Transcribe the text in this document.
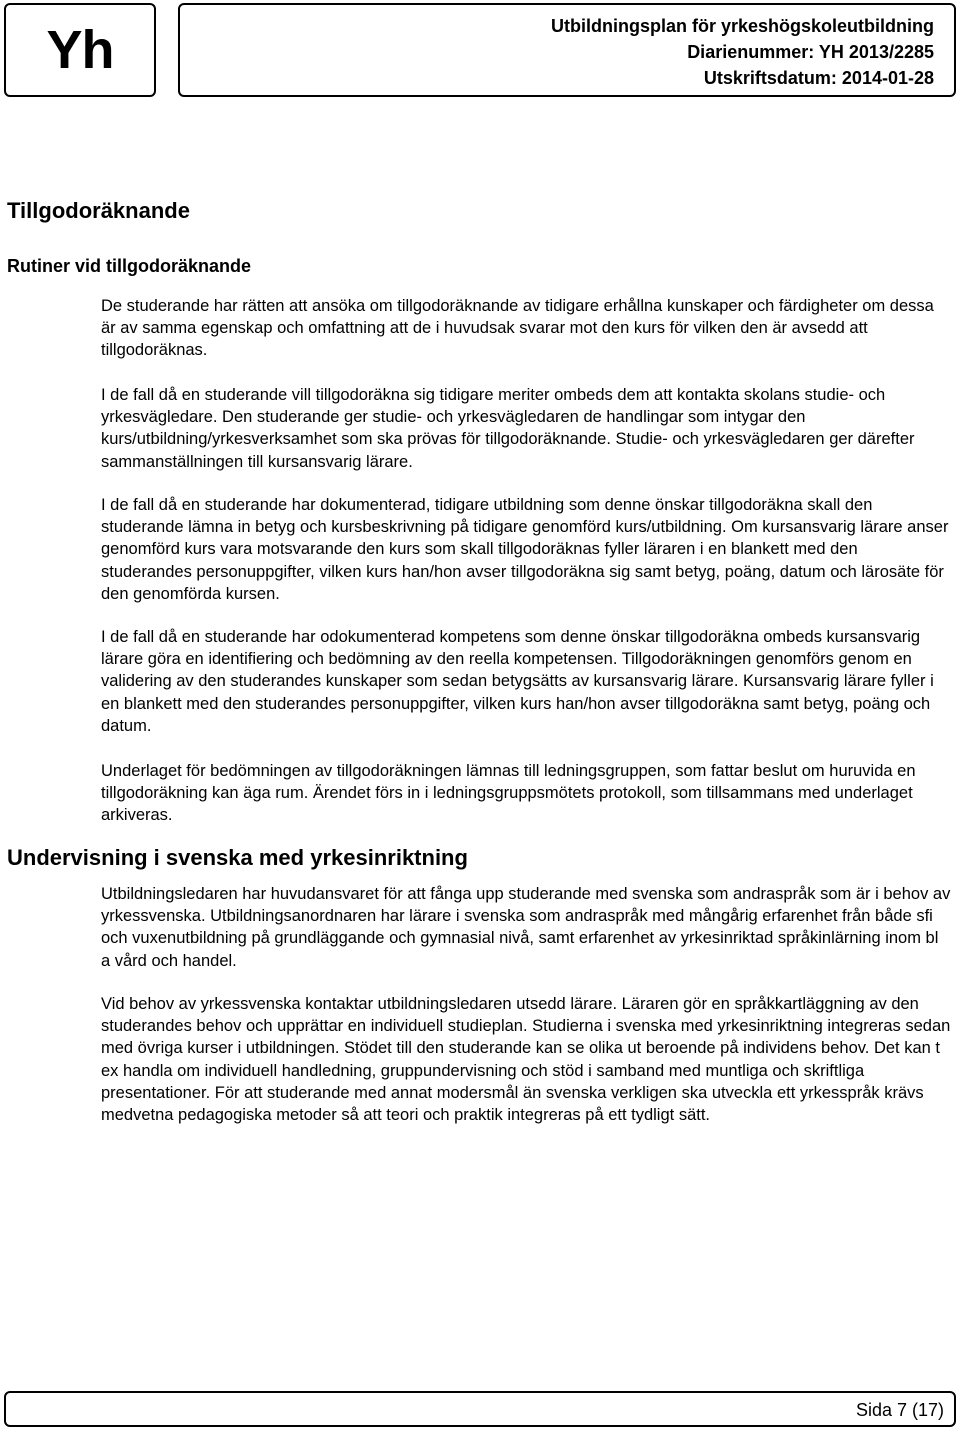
Yh	Utbildningsplan för yrkeshögskoleutbildning
Diarienummer: YH 2013/2285
Utskriftsdatum: 2014-01-28
Tillgodoräknande
Rutiner vid tillgodoräknande

De studerande har rätten att ansöka om tillgodoräknande av tidigare erhållna kunskaper och färdigheter om dessa är av samma egenskap och omfattning att de i huvudsak svarar mot den kurs för vilken den är avsedd att tillgodoräknas.

I de fall då en studerande vill tillgodoräkna sig tidigare meriter ombeds dem att kontakta skolans studie- och yrkesvägledare. Den studerande ger studie- och yrkesvägledaren de handlingar som intygar den kurs/utbildning/yrkesverksamhet som ska prövas för tillgodoräknande. Studie- och yrkesvägledaren ger därefter sammanställningen till kursansvarig lärare.

I de fall då en studerande har dokumenterad, tidigare utbildning som denne önskar tillgodoräkna skall den studerande lämna in betyg och kursbeskrivning på tidigare genomförd kurs/utbildning. Om kursansvarig lärare anser genomförd kurs vara motsvarande den kurs som skall tillgodoräknas fyller läraren i en blankett med den studerandes personuppgifter, vilken kurs han/hon avser tillgodoräkna sig samt betyg, poäng, datum och lärosäte för den genomförda kursen.

I de fall då en studerande har odokumenterad kompetens som denne önskar tillgodoräkna ombeds kursansvarig lärare göra en identifiering och bedömning av den reella kompetensen. Tillgodoräkningen genomförs genom en validering av den studerandes kunskaper som sedan betygsätts av kursansvarig lärare. Kursansvarig lärare fyller i en blankett med den studerandes personuppgifter, vilken kurs han/hon avser tillgodoräkna samt betyg, poäng och datum.

Underlaget för bedömningen av tillgodoräkningen lämnas till ledningsgruppen, som fattar beslut om huruvida en tillgodoräkning kan äga rum. Ärendet förs in i ledningsgruppsmötets protokoll, som tillsammans med underlaget arkiveras.

Undervisning i svenska med yrkesinriktning

Utbildningsledaren har huvudansvaret för att fånga upp studerande med svenska som andraspråk som är i behov av yrkessvenska. Utbildningsanordnaren har lärare i svenska som andraspråk med mångårig erfarenhet från både sfi och vuxenutbildning på grundläggande och gymnasial nivå, samt erfarenhet av yrkesinriktad språkinlärning inom bl a vård och handel.

Vid behov av yrkessvenska kontaktar utbildningsledaren utsedd lärare. Läraren gör en språkkartläggning av den studerandes behov och upprättar en individuell studieplan. Studierna i svenska med yrkesinriktning integreras sedan med övriga kurser i utbildningen. Stödet till den studerande kan se olika ut beroende på individens behov. Det kan t ex handla om individuell handledning, gruppundervisning och stöd i samband med muntliga och skriftliga presentationer. För att studerande med annat modersmål än svenska verkligen ska utveckla ett yrkesspråk krävs medvetna pedagogiska metoder så att teori och praktik integreras på ett tydligt sätt.

Sida 7 (17)
